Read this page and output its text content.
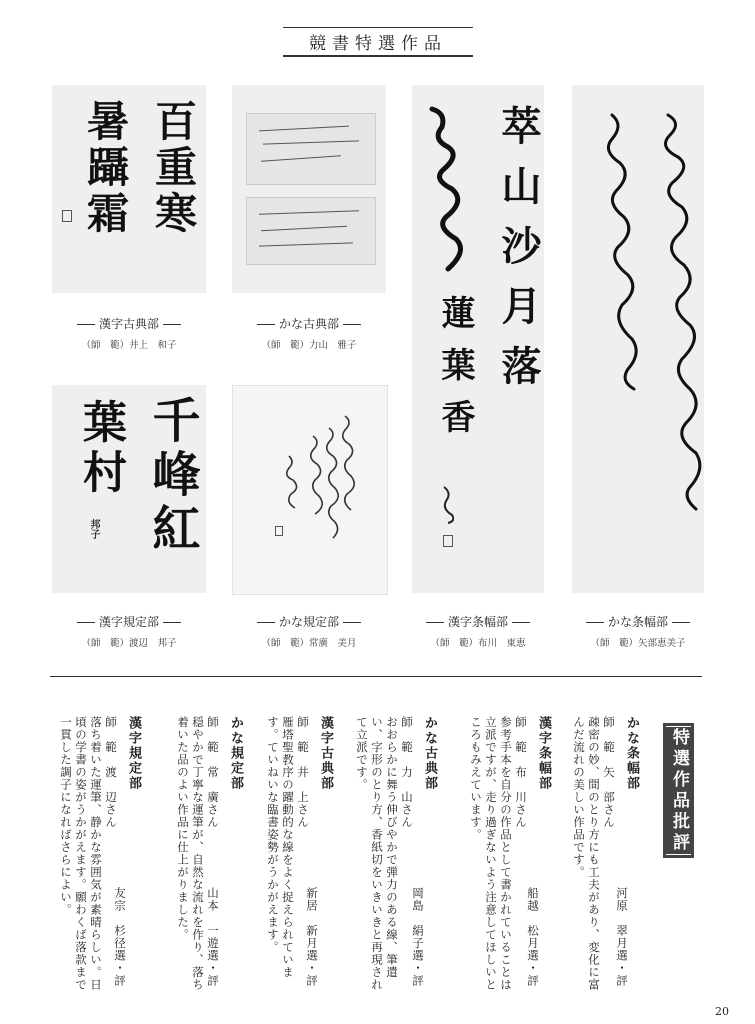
競書特選作品
百重寒
暑躡霜
漢字古典部
（師　範）井上　和子
かな古典部
（師　範）力山　雅子	萃山沙月落
蓮葉香
漢字条幅部
（師　範）布川　東恵
かな条幅部
（師　範）矢部恵美子
千峰紅
葉村
邦子
漢字規定部
（師　範）渡辺　邦子
かな規定部
（師　範）常廣　美月
特選作品批評
かな条幅部
師　範　矢　部さん
疎密の妙、間のとり方にも工夫があり、変化に富
んだ流れの美しい作品です。
河原　翠月選・評
漢字条幅部
師　範　布　川さん
参考手本を自分の作品として書かれていることは
立派ですが、走り過ぎないよう注意してほしいと
ころもみえています。
船越　松月選・評
かな古典部
師　範　力　山さん
おおらかに舞う伸びやかで弾力のある線、筆遣
い、字形のとり方、香紙切をいきいきと再現され
て立派です。
岡島　絹子選・評
漢字古典部
師　範　井　上さん
雁塔聖教序の躍動的な線をよく捉えられていま
す。ていねいな臨書姿勢がうかがえます。 新居　新月選・評
かな規定部
師　範　常　廣さん
穏やかで丁寧な運筆が、自然な流れを作り、落ち
着いた品のよい作品に仕上がりました。 山本　一遊選・評
漢字規定部
師　範　渡　辺さん
落ち着いた運筆、静かな雰囲気が素晴らしい。日
頃の学書の姿がうかがえます。願わくば落款まで
一貫した調子になればさらによい。
友宗　杉径選・評
20
